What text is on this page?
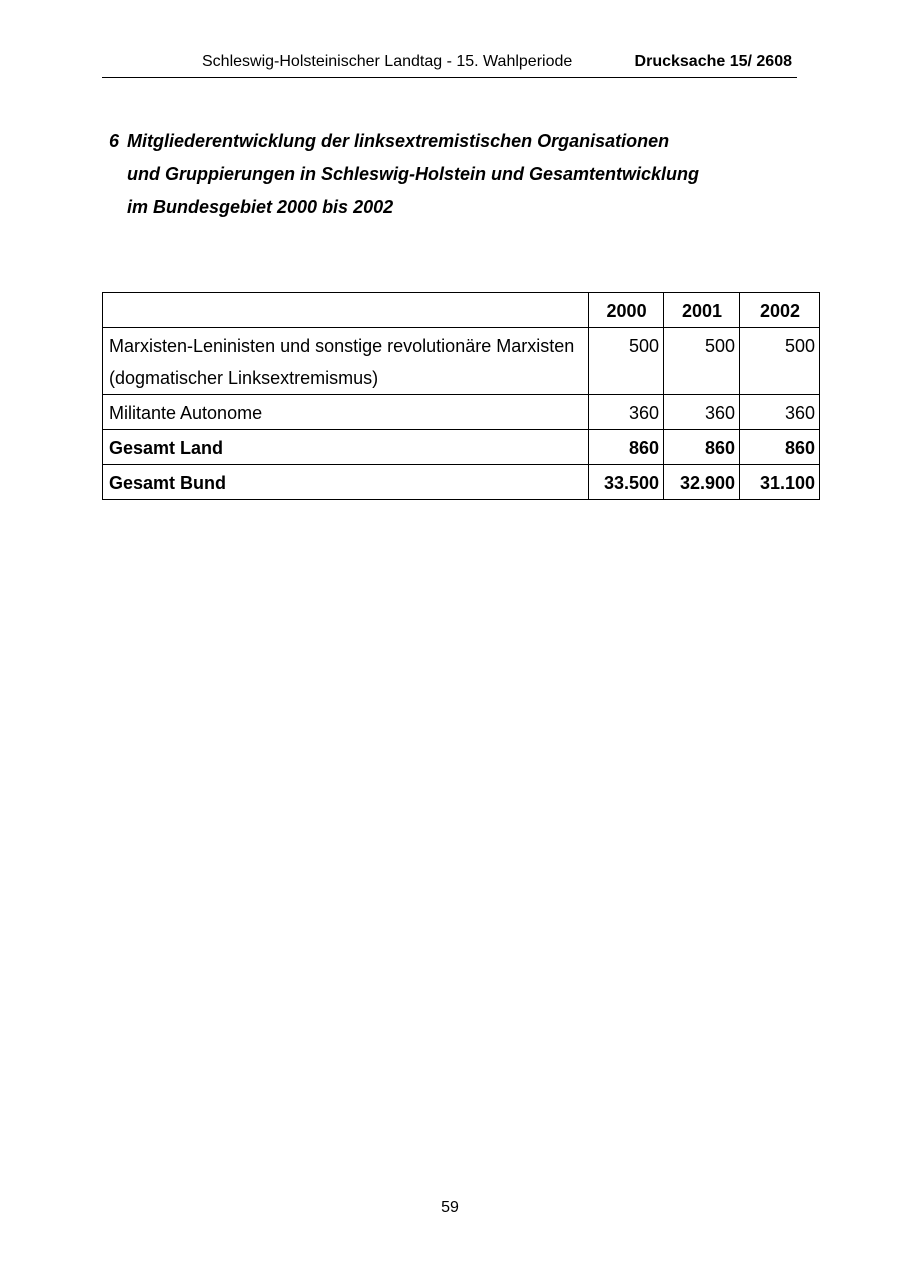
Schleswig-Holsteinischer Landtag - 15. Wahlperiode	Drucksache 15/ 2608
6 Mitgliederentwicklung der linksextremistischen Organisationen
und Gruppierungen in Schleswig-Holstein und Gesamtentwicklung
im Bundesgebiet 2000 bis 2002
	2000	2001	2002

Marxisten-Leninisten und sonstige revolutionäre Marxisten
(dogmatischer Linksextremismus)	500	500	500
Militante Autonome	360	360	360
Gesamt Land	860	860	860
Gesamt Bund	33.500	32.900	31.100
59
